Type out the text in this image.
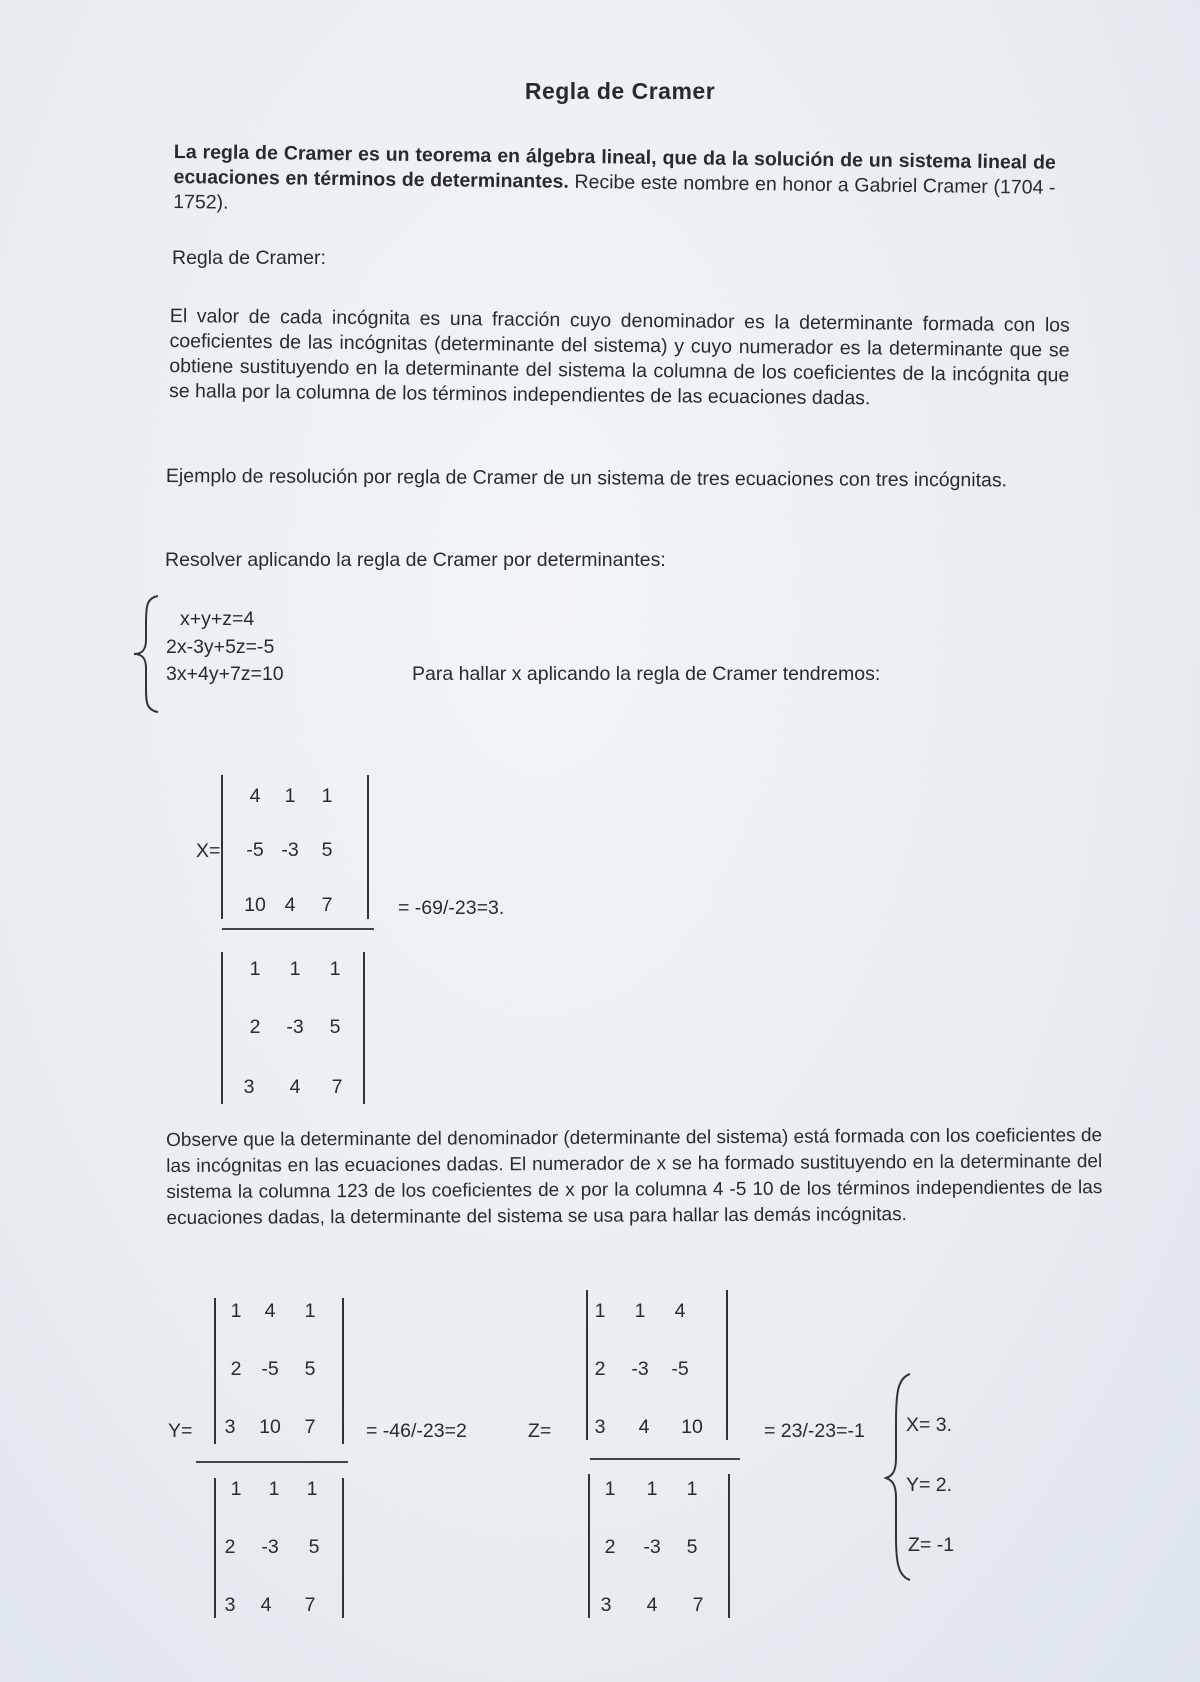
Regla de Cramer
La regla de Cramer es un teorema en álgebra lineal, que da la solución de un sistema lineal de ecuaciones en términos de determinantes. Recibe este nombre en honor a Gabriel Cramer (1704 - 1752).
Regla de Cramer:
El valor de cada incógnita es una fracción cuyo denominador es la determinante formada con los coeficientes de las incógnitas (determinante del sistema) y cuyo numerador es la determinante que se obtiene sustituyendo en la determinante del sistema la columna de los coeficientes de la incógnita que se halla por la columna de los términos independientes de las ecuaciones dadas.
Ejemplo de resolución por regla de Cramer de un sistema de tres ecuaciones con tres incógnitas.
Resolver aplicando la regla de Cramer por determinantes:
x+y+z=4
2x-3y+5z=-5
3x+4y+7z=10	Para hallar x aplicando la regla de Cramer tendremos:
X=
4	1	1
-5 -3	5
10 4	7	= -69/-23=3.
1	1	1
2	-3	5
3	4	7
Observe que la determinante del denominador (determinante del sistema) está formada con los coeficientes de las incógnitas en las ecuaciones dadas. El numerador de x se ha formado sustituyendo en la determinante del sistema la columna 123 de los coeficientes de x por la columna 4 -5 10 de los términos independientes de las ecuaciones dadas, la determinante del sistema se usa para hallar las demás incógnitas.
Y=
1	4	1
2	-5	5
3	10	7	= -46/-23=2
1	1	1
2	-3	5
3	4	7
Z=
1	1	4
2	-3	-5
3	4	10	= 23/-23=-1
1	1	1
2	-3	5
3	4	7
X= 3.
Y= 2.
Z= -1
